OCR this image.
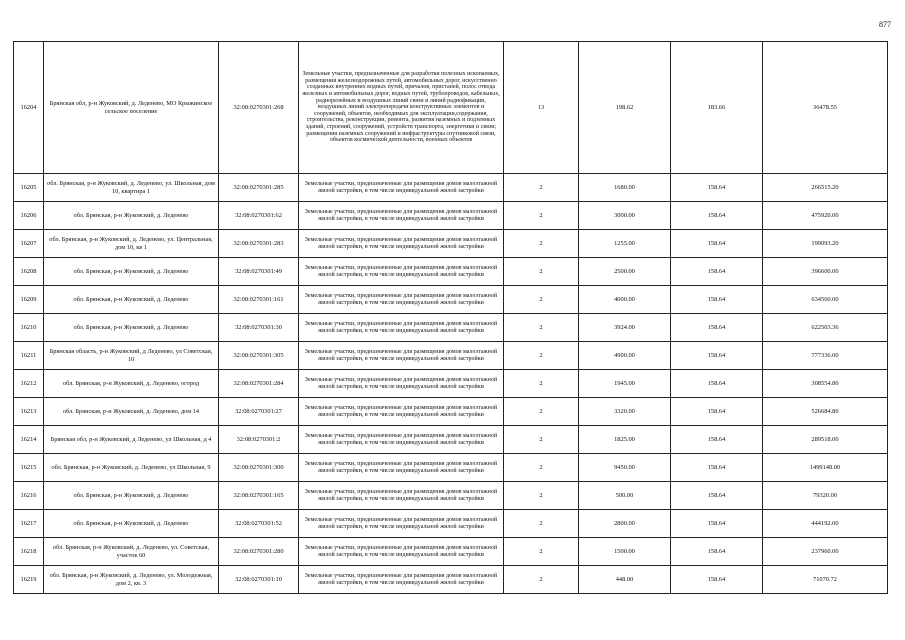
877
16204	Брянская обл, р-н Жуковский, д. Леденево, МО Крыжинское сельское поселение	32:08:0270301:268	Земельные участки, предназначенные для разработки полезных ископаемых, размещения железнодорожных путей, автомобильных дорог, искусственно созданных внутренних водных путей, причалов, пристаней, полос отвода железных и автомобильных дорог, водных путей, трубопроводов, кабельных, радиорелейных и воздушных линий связи и линий радиофикации, воздушных линий электропередачи конструктивных элементов и сооружений, объектов, необходимых для эксплуатации,содержания, строительства, реконструкции, ремонта, развития наземных и подземных зданий, строений, сооружений, устройств транспорта, энергетики и связи; размещения наземных сооружений и инфраструктуры спутниковой связи, объектов космической деятельности, военных объектов	13	198.62	183.66	36478.55
16205	обл. Брянская, р-н Жуковский, д. Леденево, ул. Школьная, дом 10, квартира 1	32:08:0270301:285	Земельные участки, предназначенные для размещения домов малоэтажной жилой застройки, в том числе индивидуальной жилой застройки	2	1680.00	158.64	266515.20
16206	обл. Брянская, р-н Жуковский, д. Леденево	32:08:0270301:62	Земельные участки, предназначенные для размещения домов малоэтажной жилой застройки, в том числе индивидуальной жилой застройки	2	3000.00	158.64	475920.00
16207	обл. Брянская, р-н Жуковский, д. Леденево, ул. Центральная, дом 10, кв 1	32:08:0270301:283	Земельные участки, предназначенные для размещения домов малоэтажной жилой застройки, в том числе индивидуальной жилой застройки	2	1255.00	158.64	199093.20
16208	обл. Брянская, р-н Жуковский, д. Леденево	32:08:0270301:49	Земельные участки, предназначенные для размещения домов малоэтажной жилой застройки, в том числе индивидуальной жилой застройки	2	2500.00	158.64	396600.00
16209	обл. Брянская, р-н Жуковский, д. Леденево	32:08:0270301:161	Земельные участки, предназначенные для размещения домов малоэтажной жилой застройки, в том числе индивидуальной жилой застройки	2	4000.00	158.64	634560.00
16210	обл. Брянская, р-н Жуковский, д. Леденево	32:08:0270301:30	Земельные участки, предназначенные для размещения домов малоэтажной жилой застройки, в том числе индивидуальной жилой застройки	2	3924.00	158.64	622503.36
16211	Брянская область, р-н Жуковский, д Леденево, ул Советская, 10	32:08:0270301:305	Земельные участки, предназначенные для размещения домов малоэтажной жилой застройки, в том числе индивидуальной жилой застройки	2	4900.00	158.64	777336.00
16212	обл. Брянская, р-н Жуковский, д. Леденево, огород	32:08:0270301:284	Земельные участки, предназначенные для размещения домов малоэтажной жилой застройки, в том числе индивидуальной жилой застройки	2	1945.00	158.64	308554.80
16213	обл. Брянская, р-н Жуковский, д. Леденево, дом 14	32:08:0270301:27	Земельные участки, предназначенные для размещения домов малоэтажной жилой застройки, в том числе индивидуальной жилой застройки	2	3320.00	158.64	526684.80
16214	Брянская обл, р-н Жуковский, д Леденево, ул Школьная, д 4	32:08:0270301:2	Земельные участки, предназначенные для размещения домов малоэтажной жилой застройки, в том числе индивидуальной жилой застройки	2	1825.00	158.64	289518.00
16215	обл. Брянская, р-н Жуковский, д. Леденево, ул Школьная, 9	32:08:0270301:300	Земельные участки, предназначенные для размещения домов малоэтажной жилой застройки, в том числе индивидуальной жилой застройки	2	9450.00	158.64	1499148.00
16216	обл. Брянская, р-н Жуковский, д. Леденево	32:08:0270301:165	Земельные участки, предназначенные для размещения домов малоэтажной жилой застройки, в том числе индивидуальной жилой застройки	2	500.00	158.64	79320.00
16217	обл. Брянская, р-н Жуковский, д. Леденево	32:08:0270301:52	Земельные участки, предназначенные для размещения домов малоэтажной жилой застройки, в том числе индивидуальной жилой застройки	2	2800.00	158.64	444192.00
16218	обл. Брянская, р-н Жуковский, д. Леденево, ул. Советская, участок 60	32:08:0270301:280	Земельные участки, предназначенные для размещения домов малоэтажной жилой застройки, в том числе индивидуальной жилой застройки	2	1500.00	158.64	237960.00
16219	обл. Брянская, р-н Жуковский, д. Леденево, ул. Молодежная, дом 2, кв. 3	32:08:0270301:10	Земельные участки, предназначенные для размещения домов малоэтажной жилой застройки, в том числе индивидуальной жилой застройки	2	448.00	158.64	71070.72
